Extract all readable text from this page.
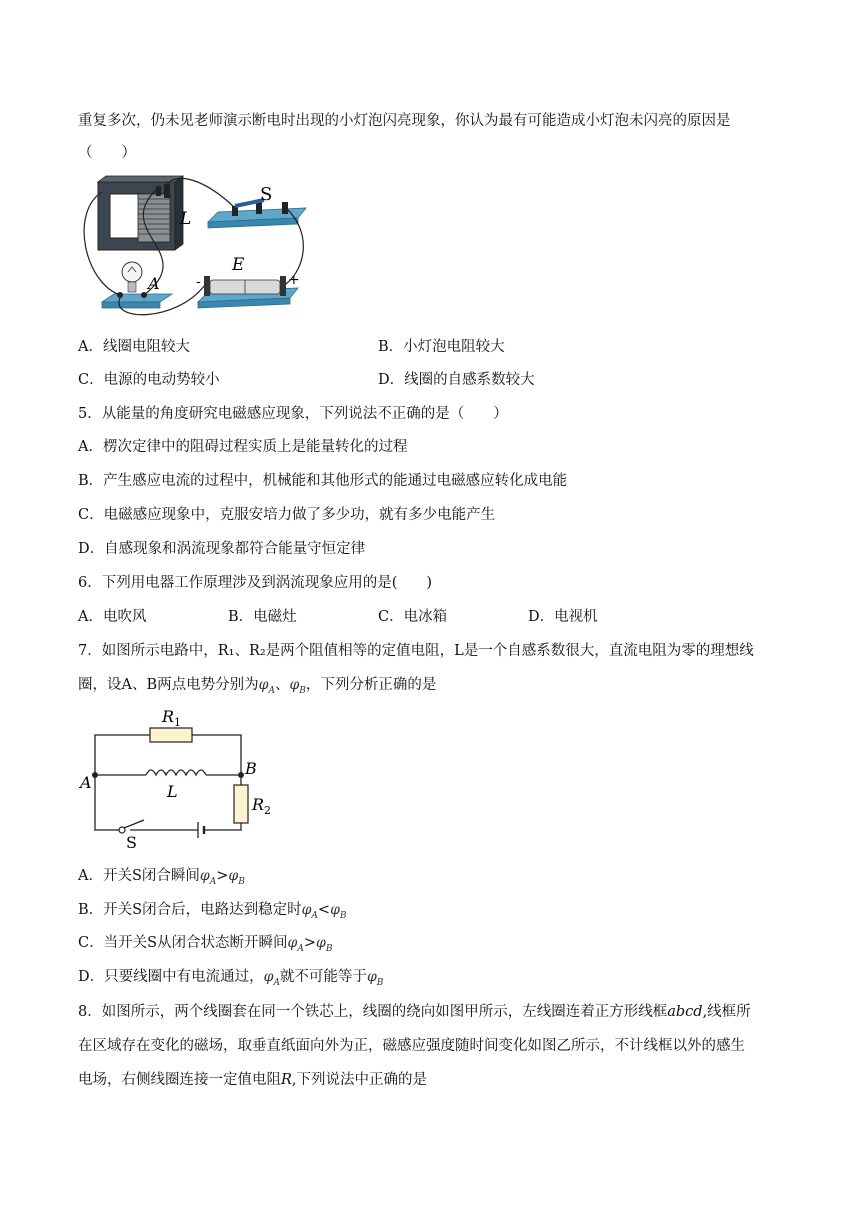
重复多次，仍未见老师演示断电时出现的小灯泡闪亮现象，你认为最有可能造成小灯泡未闪亮的原因是
（　　）
L
S
A
E
-	+
A．线圈电阻较大	B．小灯泡电阻较大
C．电源的电动势较小	D．线圈的自感系数较大
5．从能量的角度研究电磁感应现象，下列说法不正确的是（　　）
A．楞次定律中的阻碍过程实质上是能量转化的过程
B．产生感应电流的过程中，机械能和其他形式的能通过电磁感应转化成电能
C．电磁感应现象中，克服安培力做了多少功，就有多少电能产生
D．自感现象和涡流现象都符合能量守恒定律
6．下列用电器工作原理涉及到涡流现象应用的是(　　)
A．电吹风	B．电磁灶	C．电冰箱	D．电视机
7．如图所示电路中，R₁、R₂是两个阻值相等的定值电阻，L是一个自感系数很大，直流电阻为零的理想线
圈，设A、B两点电势分别为$\varphi_A$、$\varphi_B$，下列分析正确的是
$R_1$
L
$R_2$
A
B
S
A．开关S闭合瞬间$\varphi_A>\varphi_B$
B．开关S闭合后，电路达到稳定时$\varphi_A<\varphi_B$
C．当开关S从闭合状态断开瞬间$\varphi_A>\varphi_B$
D．只要线圈中有电流通过，$\varphi_A$就不可能等于$\varphi_B$
8．如图所示，两个线圈套在同一个铁芯上，线圈的绕向如图甲所示，左线圈连着正方形线框abcd,线框所
在区域存在变化的磁场，取垂直纸面向外为正，磁感应强度随时间变化如图乙所示，不计线框以外的感生
电场，右侧线圈连接一定值电阻R,下列说法中正确的是
